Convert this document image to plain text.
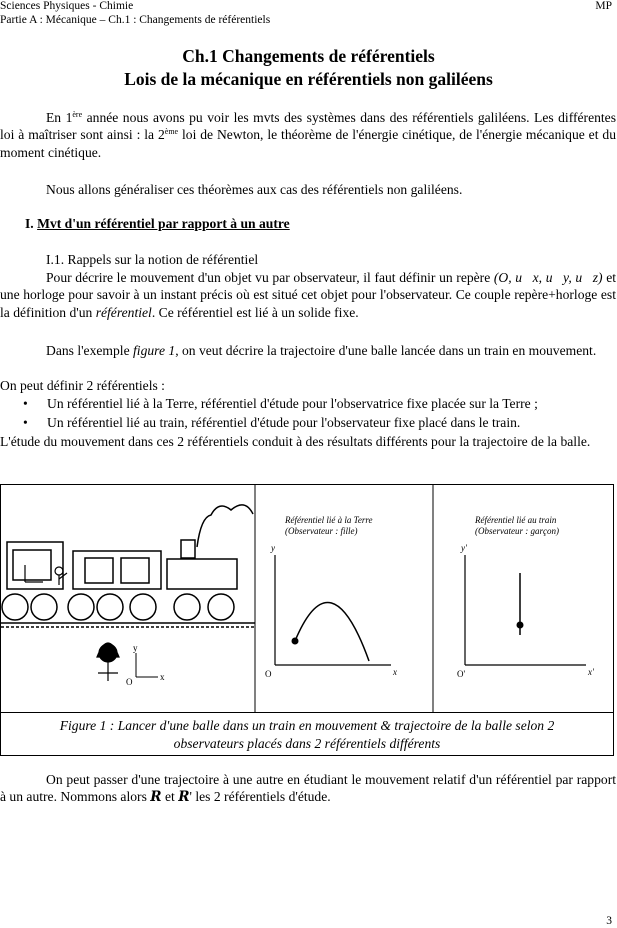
Sciences Physiques - Chimie
Partie A : Mécanique – Ch.1 : Changements de référentiels
MP
Ch.1 Changements de référentiels
Lois de la mécanique en référentiels non galiléens
En 1ère année nous avons pu voir les mvts des systèmes dans des référentiels galiléens. Les différentes loi à maîtriser sont ainsi : la 2ème loi de Newton, le théorème de l'énergie cinétique, de l'énergie mécanique et du moment cinétique.
Nous allons généraliser ces théorèmes aux cas des référentiels non galiléens.
I. Mvt d'un référentiel par rapport à un autre
I.1. Rappels sur la notion de référentiel
Pour décrire le mouvement d'un objet vu par observateur, il faut définir un repère (O, u⃗x, u⃗y, u⃗z) et une horloge pour savoir à un instant précis où est situé cet objet pour l'observateur. Ce couple repère+horloge est la définition d'un référentiel. Ce référentiel est lié à un solide fixe.
Dans l'exemple figure 1, on veut décrire la trajectoire d'une balle lancée dans un train en mouvement.
On peut définir 2 référentiels :
• Un référentiel lié à la Terre, référentiel d'étude pour l'observatrice fixe placée sur la Terre ;
• Un référentiel lié au train, référentiel d'étude pour l'observateur fixe placé dans le train.
L'étude du mouvement dans ces 2 référentiels conduit à des résultats différents pour la trajectoire de la balle.
y
x
O
Référentiel lié à la Terre
(Observateur : fille)
y
O	x
Référentiel lié au train
(Observateur : garçon)
y'
O'	x'
Figure 1 : Lancer d'une balle dans un train en mouvement & trajectoire de la balle selon 2
observateurs placés dans 2 référentiels différents
On peut passer d'une trajectoire à une autre en étudiant le mouvement relatif d'un référentiel par rapport à un autre. Nommons alors R et R' les 2 référentiels d'étude.
3
